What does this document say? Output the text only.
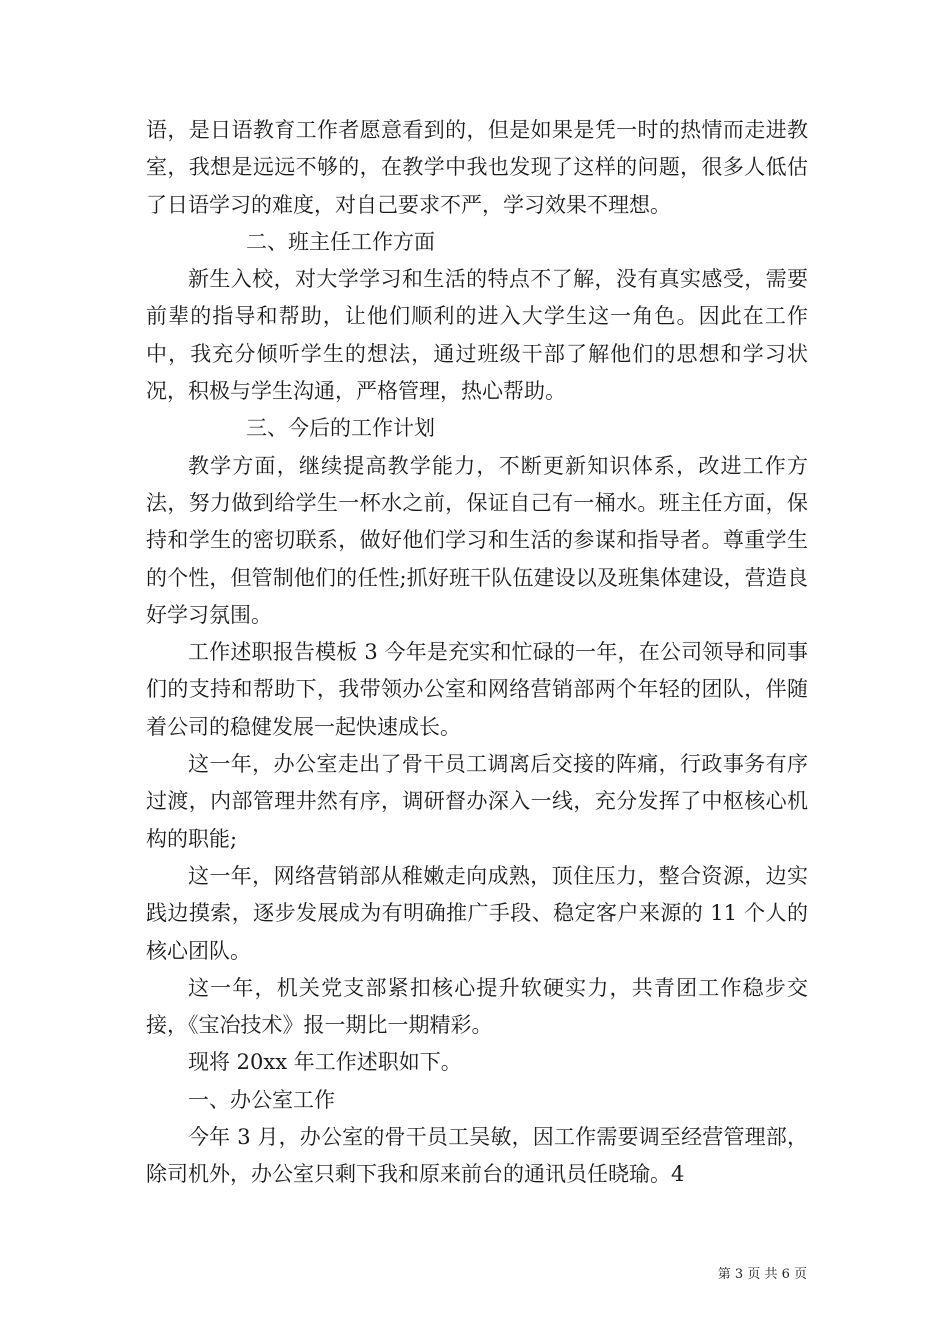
语，是日语教育工作者愿意看到的，但是如果是凭一时的热情而走进教室，我想是远远不够的，在教学中我也发现了这样的问题，很多人低估了日语学习的难度，对自己要求不严，学习效果不理想。

二、班主任工作方面

新生入校，对大学学习和生活的特点不了解，没有真实感受，需要前辈的指导和帮助，让他们顺利的进入大学生这一角色。因此在工作中，我充分倾听学生的想法，通过班级干部了解他们的思想和学习状况，积极与学生沟通，严格管理，热心帮助。

三、今后的工作计划

教学方面，继续提高教学能力，不断更新知识体系，改进工作方法，努力做到给学生一杯水之前，保证自己有一桶水。班主任方面，保持和学生的密切联系，做好他们学习和生活的参谋和指导者。尊重学生的个性，但管制他们的任性;抓好班干队伍建设以及班集体建设，营造良好学习氛围。

工作述职报告模板 3 今年是充实和忙碌的一年，在公司领导和同事们的支持和帮助下，我带领办公室和网络营销部两个年轻的团队，伴随着公司的稳健发展一起快速成长。

这一年，办公室走出了骨干员工调离后交接的阵痛，行政事务有序过渡，内部管理井然有序，调研督办深入一线，充分发挥了中枢核心机构的职能;

这一年，网络营销部从稚嫩走向成熟，顶住压力，整合资源，边实践边摸索，逐步发展成为有明确推广手段、稳定客户来源的 11 个人的核心团队。

这一年，机关党支部紧扣核心提升软硬实力，共青团工作稳步交接，《宝冶技术》报一期比一期精彩。

现将 20xx 年工作述职如下。

一、办公室工作

今年 3 月，办公室的骨干员工吴敏，因工作需要调至经营管理部，除司机外，办公室只剩下我和原来前台的通讯员任晓瑜。4

第 3 页 共 6 页
